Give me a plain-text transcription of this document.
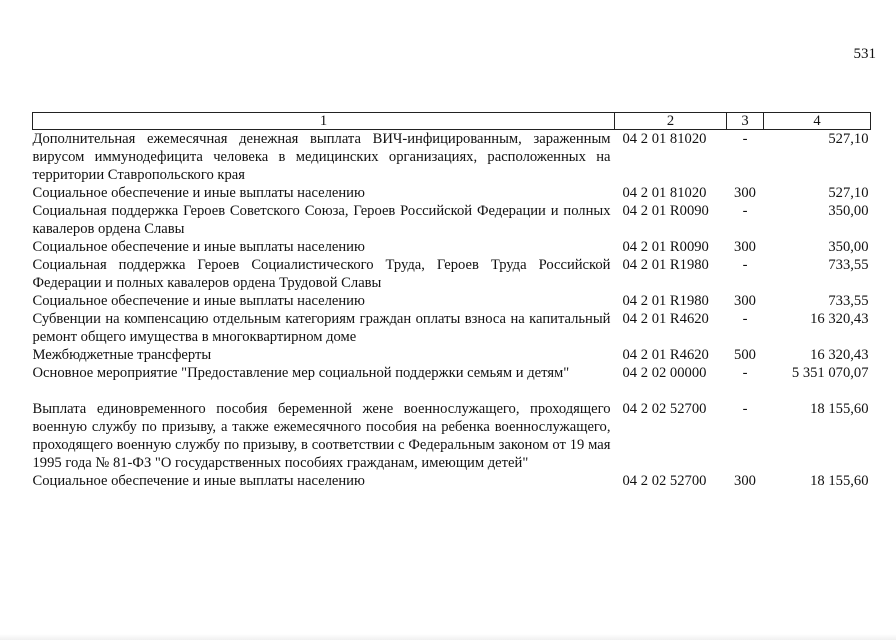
531
1	2	3	4
Дополнительная ежемесячная денежная выплата ВИЧ-инфицированным, зараженным вирусом иммунодефицита человека в медицинских организациях, расположенных на территории Ставропольского края	04 2 01 81020	-	527,10
Социальное обеспечение и иные выплаты населению	04 2 01 81020	300	527,10
Социальная поддержка Героев Советского Союза, Героев Российской Федерации и полных кавалеров ордена Славы	04 2 01 R0090	-	350,00
Социальное обеспечение и иные выплаты населению	04 2 01 R0090	300	350,00
Социальная поддержка Героев Социалистического Труда, Героев Труда Российской Федерации и полных кавалеров ордена Трудовой Славы	04 2 01 R1980	-	733,55
Социальное обеспечение и иные выплаты населению	04 2 01 R1980	300	733,55
Субвенции на компенсацию отдельным категориям граждан оплаты взноса на капитальный ремонт общего имущества в многоквартирном доме	04 2 01 R4620	-	16 320,43
Межбюджетные трансферты	04 2 01 R4620	500	16 320,43
Основное мероприятие "Предоставление мер социальной поддержки семьям и детям"	04 2 02 00000	-	5 351 070,07

Выплата единовременного пособия беременной жене военнослужащего, проходящего военную службу по призыву, а также ежемесячного пособия на ребенка военнослужащего, проходящего военную службу по призыву, в соответствии с Федеральным законом от 19 мая 1995 года № 81-ФЗ "О государственных пособиях гражданам, имеющим детей"	04 2 02 52700	-	18 155,60
Социальное обеспечение и иные выплаты населению	04 2 02 52700	300	18 155,60
